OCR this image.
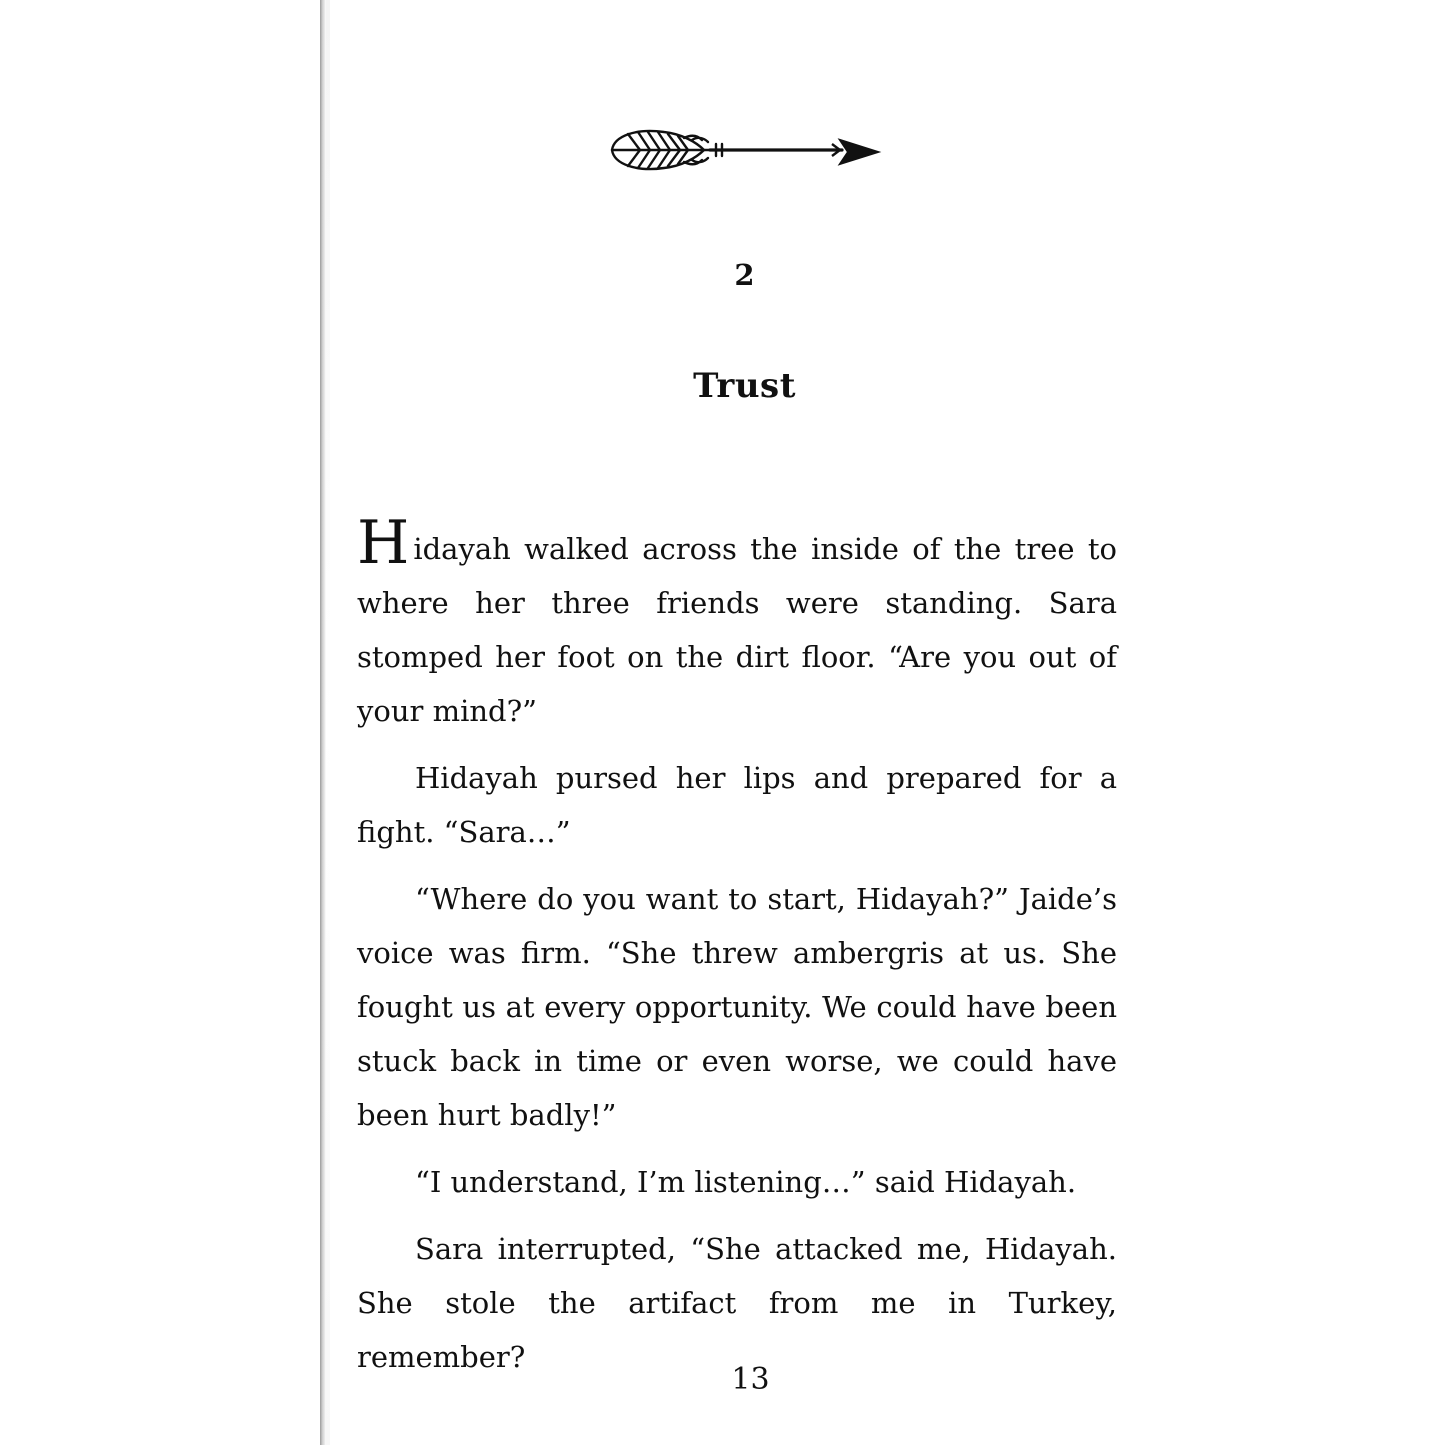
2
Trust

Hidayah walked across the inside of the tree to where her three friends were standing. Sara stomped her foot on the dirt floor. “Are you out of your mind?”

Hidayah pursed her lips and prepared for a fight. “Sara…”

“Where do you want to start, Hidayah?” Jaide’s voice was firm. “She threw ambergris at us. She fought us at every opportunity. We could have been stuck back in time or even worse, we could have been hurt badly!”

“I understand, I’m listening…” said Hidayah.

Sara interrupted, “She attacked me, Hidayah. She stole the artifact from me in Turkey, remember?

13
